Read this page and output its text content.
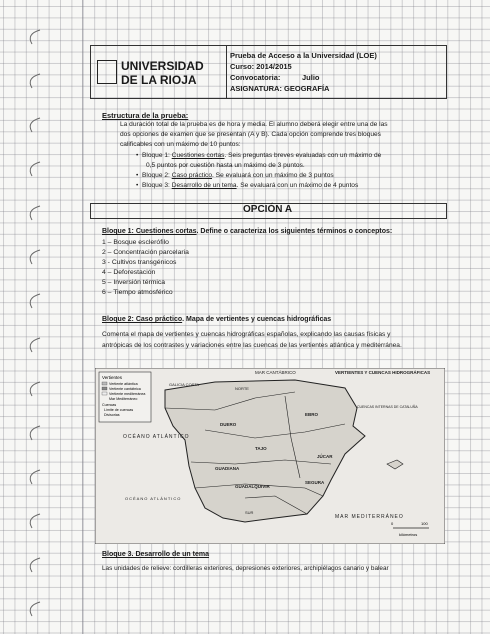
UNIVERSIDAD
DE LA RIOJA
Prueba de Acceso a la Universidad (LOE)
Curso: 2014/2015
Convocatoria:	Julio
ASIGNATURA: GEOGRAFÍA
Estructura de la prueba:
La duración total de la prueba es de hora y media. El alumno deberá elegir entre una de las
dos opciones de examen que se presentan (A y B). Cada opción comprende tres bloques
calificables con un máximo de 10 puntos:
•  Bloque 1: Cuestiones cortas. Seis preguntas breves evaluadas con un máximo de
0,5 puntos por cuestión hasta un máximo de 3 puntos.
•  Bloque 2: Caso práctico. Se evaluará con un máximo de 3 puntos
•  Bloque 3: Desarrollo de un tema. Se evaluará con un máximo de 4 puntos
OPCIÓN A
Bloque 1: Cuestiones cortas. Define o caracteriza los siguientes términos o conceptos:
1 – Bosque esclerófilo
2 – Concentración parcelaria
3 - Cultivos transgénicos
4 – Deforestación
5 – Inversión térmica
6 – Tiempo atmosférico
Bloque 2: Caso práctico. Mapa de vertientes y cuencas hidrográficas
Comenta el mapa de vertientes y cuencas hidrográficas españolas, explicando las causas físicas y
antrópicas de los contrastes y variaciones entre las cuencas de las vertientes atlántica y mediterránea.
Vertientes
Vertiente atlántica
Vertiente cantábrica
Vertiente mediterránea
Mar Mediterráneo
Cuencas
Límite de cuencas
Divisorias
MAR CANTÁBRICO	VERTIENTES Y CUENCAS HIDROGRÁFICAS
OCÉANO ATLÁNTICO
GALICIA COSTA
NORTE
DUERO
EBRO
CUENCAS INTERNAS DE CATALUÑA
TAJO
JÚCAR
SEGURA
GUADIANA
GUADALQUIVIR
SUR
MAR MEDITERRÁNEO
OCÉANO ATLÁNTICO
0	100
kilómetros
Bloque 3. Desarrollo de un tema
Las unidades de relieve: cordilleras exteriores, depresiones exteriores, archipiélagos canario y balear
